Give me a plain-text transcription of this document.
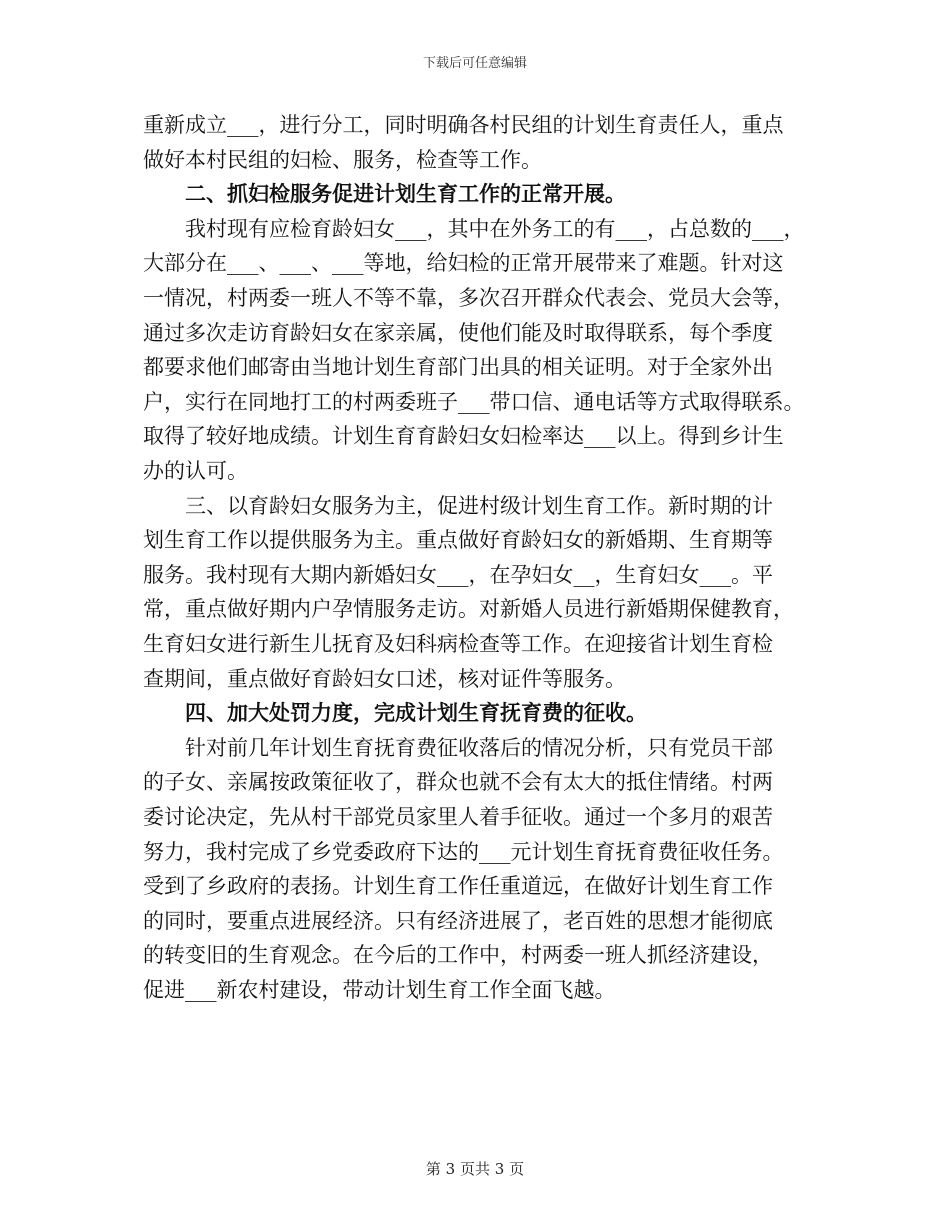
下载后可任意编辑
重新成立___，进行分工，同时明确各村民组的计划生育责任人，重点
做好本村民组的妇检、服务，检查等工作。
二、抓妇检服务促进计划生育工作的正常开展。
我村现有应检育龄妇女___，其中在外务工的有___，占总数的___，
大部分在___、___、___等地，给妇检的正常开展带来了难题。针对这
一情况，村两委一班人不等不靠，多次召开群众代表会、党员大会等，
通过多次走访育龄妇女在家亲属，使他们能及时取得联系，每个季度
都要求他们邮寄由当地计划生育部门出具的相关证明。对于全家外出
户，实行在同地打工的村两委班子___带口信、通电话等方式取得联系。
取得了较好地成绩。计划生育育龄妇女妇检率达___以上。得到乡计生
办的认可。
三、以育龄妇女服务为主，促进村级计划生育工作。新时期的计
划生育工作以提供服务为主。重点做好育龄妇女的新婚期、生育期等
服务。我村现有大期内新婚妇女___，在孕妇女__，生育妇女___。平
常，重点做好期内户孕情服务走访。对新婚人员进行新婚期保健教育，
生育妇女进行新生儿抚育及妇科病检查等工作。在迎接省计划生育检
查期间，重点做好育龄妇女口述，核对证件等服务。
四、加大处罚力度，完成计划生育抚育费的征收。
针对前几年计划生育抚育费征收落后的情况分析，只有党员干部
的子女、亲属按政策征收了，群众也就不会有太大的抵住情绪。村两
委讨论决定，先从村干部党员家里人着手征收。通过一个多月的艰苦
努力，我村完成了乡党委政府下达的___元计划生育抚育费征收任务。
受到了乡政府的表扬。计划生育工作任重道远，在做好计划生育工作
的同时，要重点进展经济。只有经济进展了，老百姓的思想才能彻底
的转变旧的生育观念。在今后的工作中，村两委一班人抓经济建设，
促进___新农村建设，带动计划生育工作全面飞越。
第 3 页共 3 页
